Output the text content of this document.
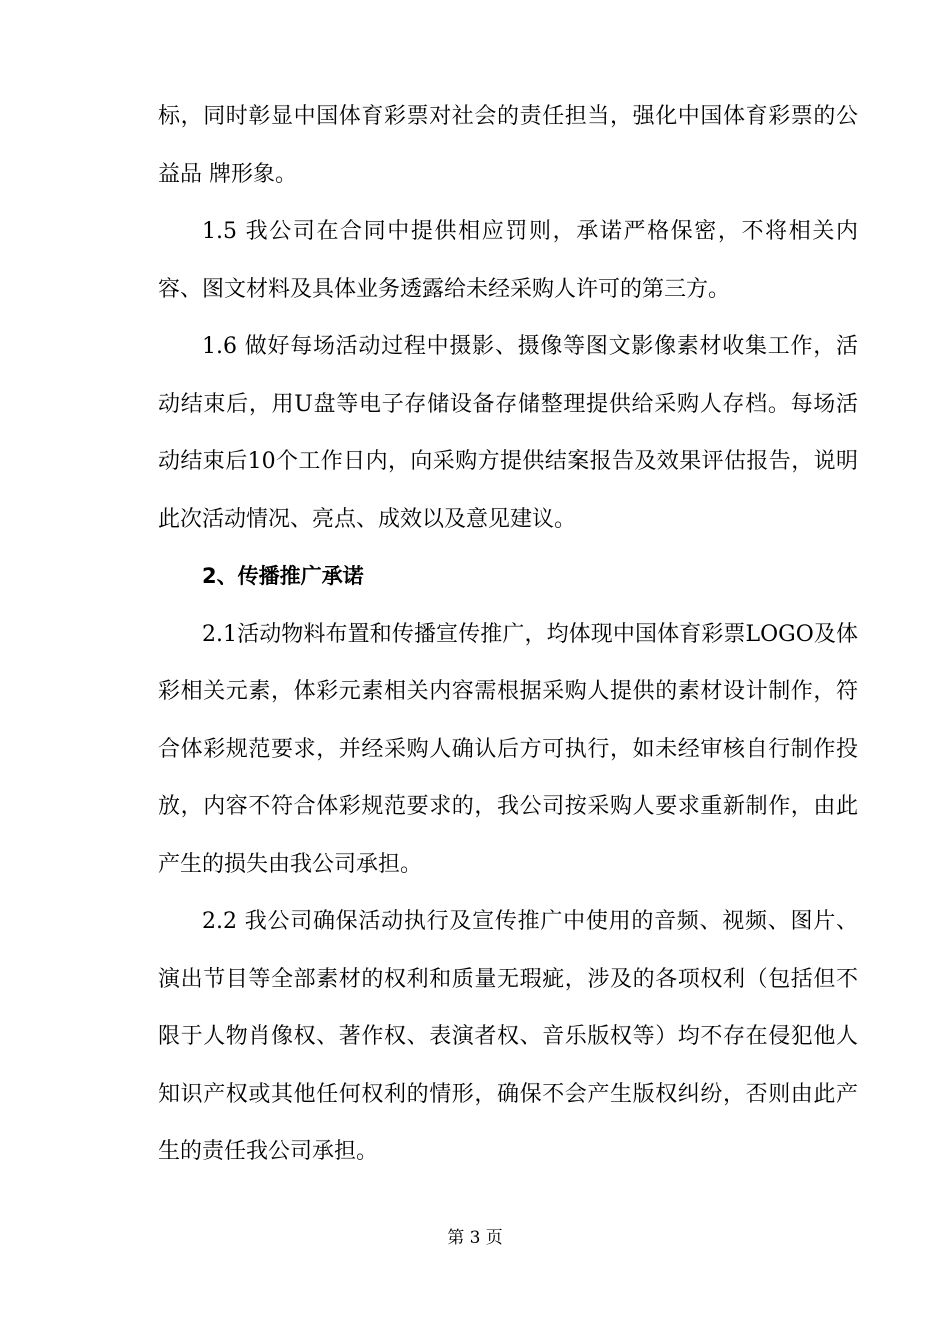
标，同时彰显中国体育彩票对社会的责任担当，强化中国体育彩票的公益品 牌形象。

1.5 我公司在合同中提供相应罚则，承诺严格保密，不将相关内容、图文材料及具体业务透露给未经采购人许可的第三方。

1.6 做好每场活动过程中摄影、摄像等图文影像素材收集工作，活动结束后，用U盘等电子存储设备存储整理提供给采购人存档。每场活动结束后10个工作日内，向采购方提供结案报告及效果评估报告，说明此次活动情况、亮点、成效以及意见建议。

2、传播推广承诺

2.1活动物料布置和传播宣传推广，均体现中国体育彩票LOGO及体彩相关元素，体彩元素相关内容需根据采购人提供的素材设计制作，符合体彩规范要求，并经采购人确认后方可执行，如未经审核自行制作投放，内容不符合体彩规范要求的，我公司按采购人要求重新制作，由此产生的损失由我公司承担。

2.2 我公司确保活动执行及宣传推广中使用的音频、视频、图片、演出节目等全部素材的权利和质量无瑕疵，涉及的各项权利（包括但不限于人物肖像权、著作权、表演者权、音乐版权等）均不存在侵犯他人知识产权或其他任何权利的情形，确保不会产生版权纠纷，否则由此产生的责任我公司承担。

第 3 页
